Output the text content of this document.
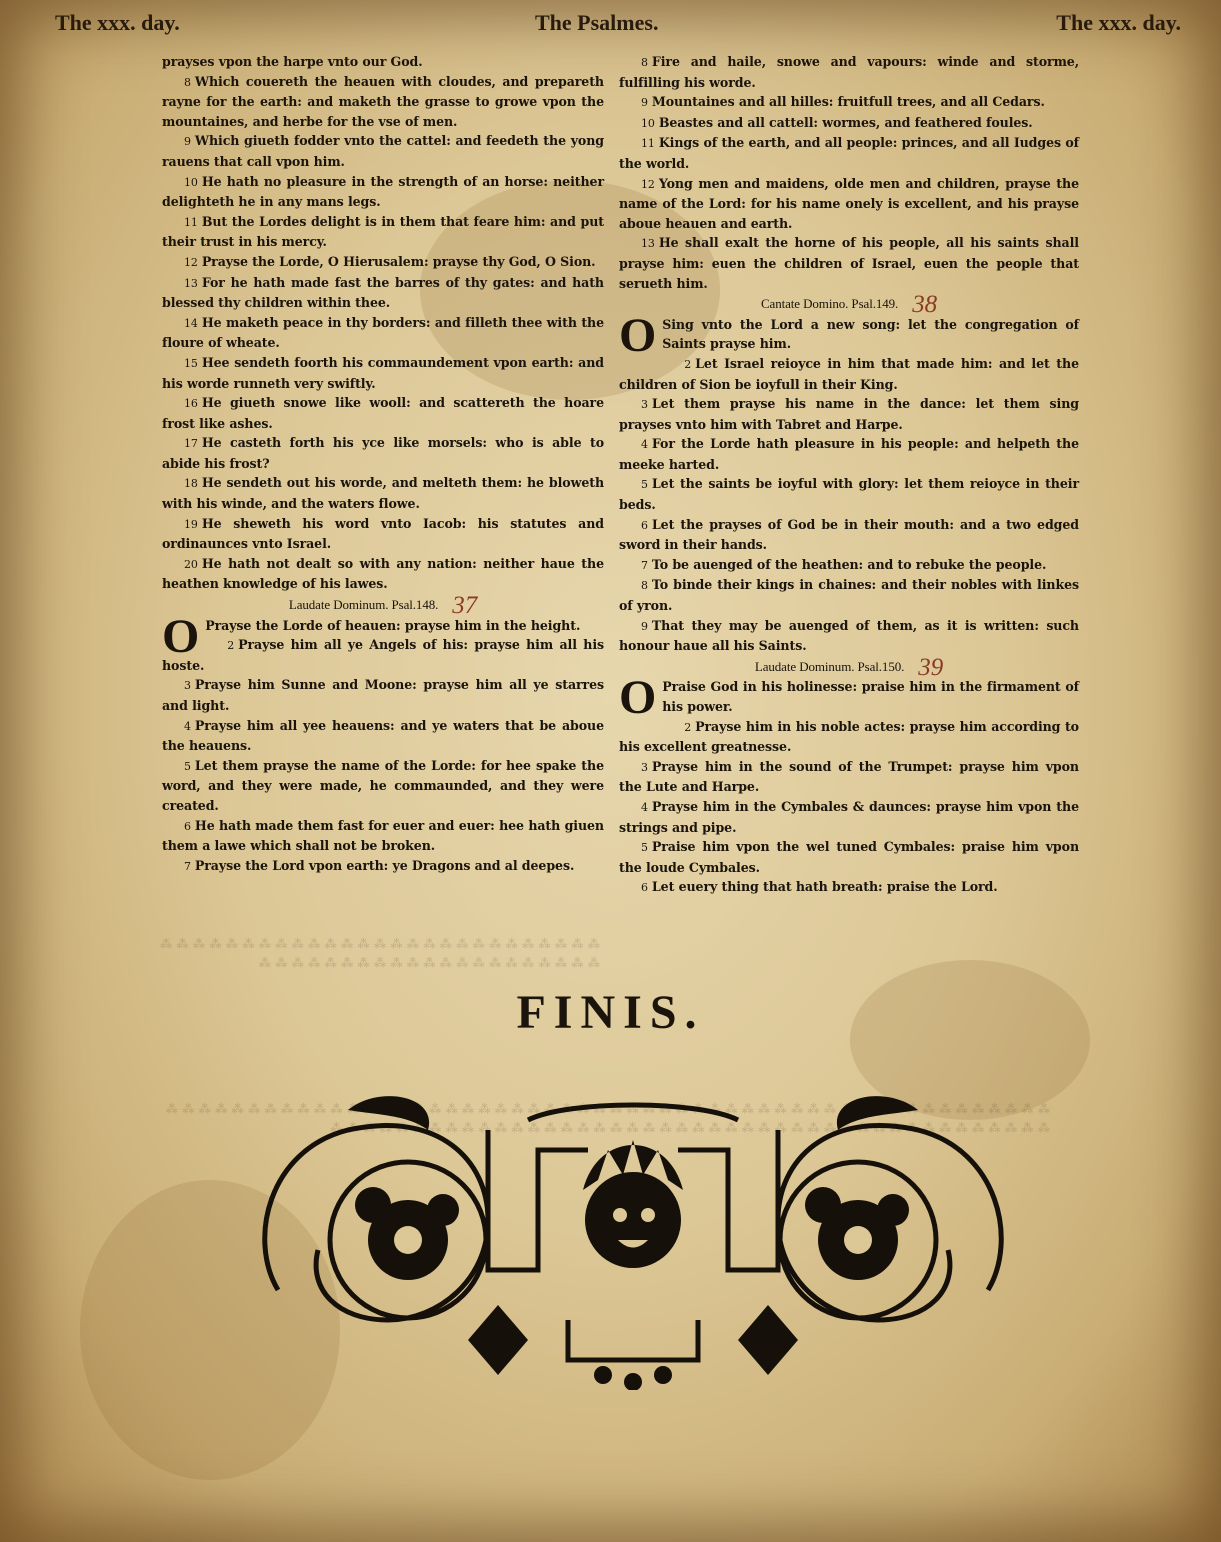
⁂ ⁂ ⁂ ⁂ ⁂ ⁂ ⁂ ⁂ ⁂ ⁂ ⁂ ⁂ ⁂ ⁂ ⁂ ⁂ ⁂ ⁂ ⁂ ⁂ ⁂ ⁂ ⁂ ⁂ ⁂ ⁂ ⁂ ⁂ ⁂ ⁂ ⁂ ⁂ ⁂ ⁂ ⁂ ⁂ ⁂ ⁂ ⁂ ⁂ ⁂ ⁂ ⁂ ⁂ ⁂ ⁂ ⁂ ⁂
⁂ ⁂ ⁂ ⁂ ⁂ ⁂ ⁂ ⁂ ⁂ ⁂ ⁂ ⁂ ⁂ ⁂ ⁂ ⁂ ⁂ ⁂ ⁂ ⁂ ⁂ ⁂ ⁂ ⁂ ⁂ ⁂ ⁂ ⁂ ⁂ ⁂ ⁂ ⁂ ⁂ ⁂ ⁂ ⁂ ⁂ ⁂ ⁂ ⁂ ⁂ ⁂ ⁂ ⁂ ⁂ ⁂ ⁂ ⁂ ⁂ ⁂ ⁂ ⁂ ⁂ ⁂ ⁂ ⁂ ⁂ ⁂ ⁂ ⁂ ⁂ ⁂ ⁂ ⁂ ⁂ ⁂ ⁂ ⁂ ⁂ ⁂ ⁂ ⁂ ⁂ ⁂ ⁂ ⁂ ⁂ ⁂ ⁂ ⁂ ⁂ ⁂ ⁂ ⁂ ⁂ ⁂ ⁂ ⁂ ⁂ ⁂ ⁂ ⁂ ⁂ ⁂ ⁂ ⁂ ⁂ ⁂
The xxx. day.	The Psalmes.	The xxx. day.

prayses vpon the harpe vnto our God.

8 Which couereth the heauen with cloudes, and prepareth rayne for the earth: and maketh the grasse to growe vpon the mountaines, and herbe for the vse of men.

9 Which giueth fodder vnto the cattel: and feedeth the yong rauens that call vpon him.

10 He hath no pleasure in the strength of an horse: neither delighteth he in any mans legs.

11 But the Lordes delight is in them that feare him: and put their trust in his mercy.

12 Prayse the Lorde, O Hierusalem: prayse thy God, O Sion.

13 For he hath made fast the barres of thy gates: and hath blessed thy children within thee.

14 He maketh peace in thy borders: and filleth thee with the floure of wheate.

15 Hee sendeth foorth his commaundement vpon earth: and his worde runneth very swiftly.

16 He giueth snowe like wooll: and scattereth the hoare frost like ashes.

17 He casteth forth his yce like morsels: who is able to abide his frost?

18 He sendeth out his worde, and melteth them: he bloweth with his winde, and the waters flowe.

19 He sheweth his word vnto Iacob: his statutes and ordinaunces vnto Israel.

20 He hath not dealt so with any nation: neither haue the heathen knowledge of his lawes.

Laudate Dominum. Psal.148. 37

O Prayse the Lorde of heauen: prayse him in the height.

2 Prayse him all ye Angels of his: prayse him all his hoste.

3 Prayse him Sunne and Moone: prayse him all ye starres and light.

4 Prayse him all yee heauens: and ye waters that be aboue the heauens.

5 Let them prayse the name of the Lorde: for hee spake the word, and they were made, he commaunded, and they were created.

6 He hath made them fast for euer and euer: hee hath giuen them a lawe which shall not be broken.

7 Prayse the Lord vpon earth: ye Dragons and al deepes.

8 Fire and haile, snowe and vapours: winde and storme, fulfilling his worde.

9 Mountaines and all hilles: fruitfull trees, and all Cedars.

10 Beastes and all cattell: wormes, and feathered foules.

11 Kings of the earth, and all people: princes, and all Iudges of the world.

12 Yong men and maidens, olde men and children, prayse the name of the Lord: for his name onely is excellent, and his prayse aboue heauen and earth.

13 He shall exalt the horne of his people, all his saints shall prayse him: euen the children of Israel, euen the people that serueth him.

Cantate Domino. Psal.149. 38

O Sing vnto the Lord a new song: let the congregation of Saints prayse him.

2 Let Israel reioyce in him that made him: and let the children of Sion be ioyfull in their King.

3 Let them prayse his name in the dance: let them sing prayses vnto him with Tabret and Harpe.

4 For the Lorde hath pleasure in his people: and helpeth the meeke harted.

5 Let the saints be ioyful with glory: let them reioyce in their beds.

6 Let the prayses of God be in their mouth: and a two edged sword in their hands.

7 To be auenged of the heathen: and to rebuke the people.

8 To binde their kings in chaines: and their nobles with linkes of yron.

9 That they may be auenged of them, as it is written: such honour haue all his Saints.

Laudate Dominum. Psal.150. 39

O Praise God in his holinesse: praise him in the firmament of his power.

2 Prayse him in his noble actes: prayse him according to his excellent greatnesse.

3 Prayse him in the sound of the Trumpet: prayse him vpon the Lute and Harpe.

4 Prayse him in the Cymbales & daunces: prayse him vpon the strings and pipe.

5 Praise him vpon the wel tuned Cymbales: praise him vpon the loude Cymbales.

6 Let euery thing that hath breath: praise the Lord.

FINIS.
